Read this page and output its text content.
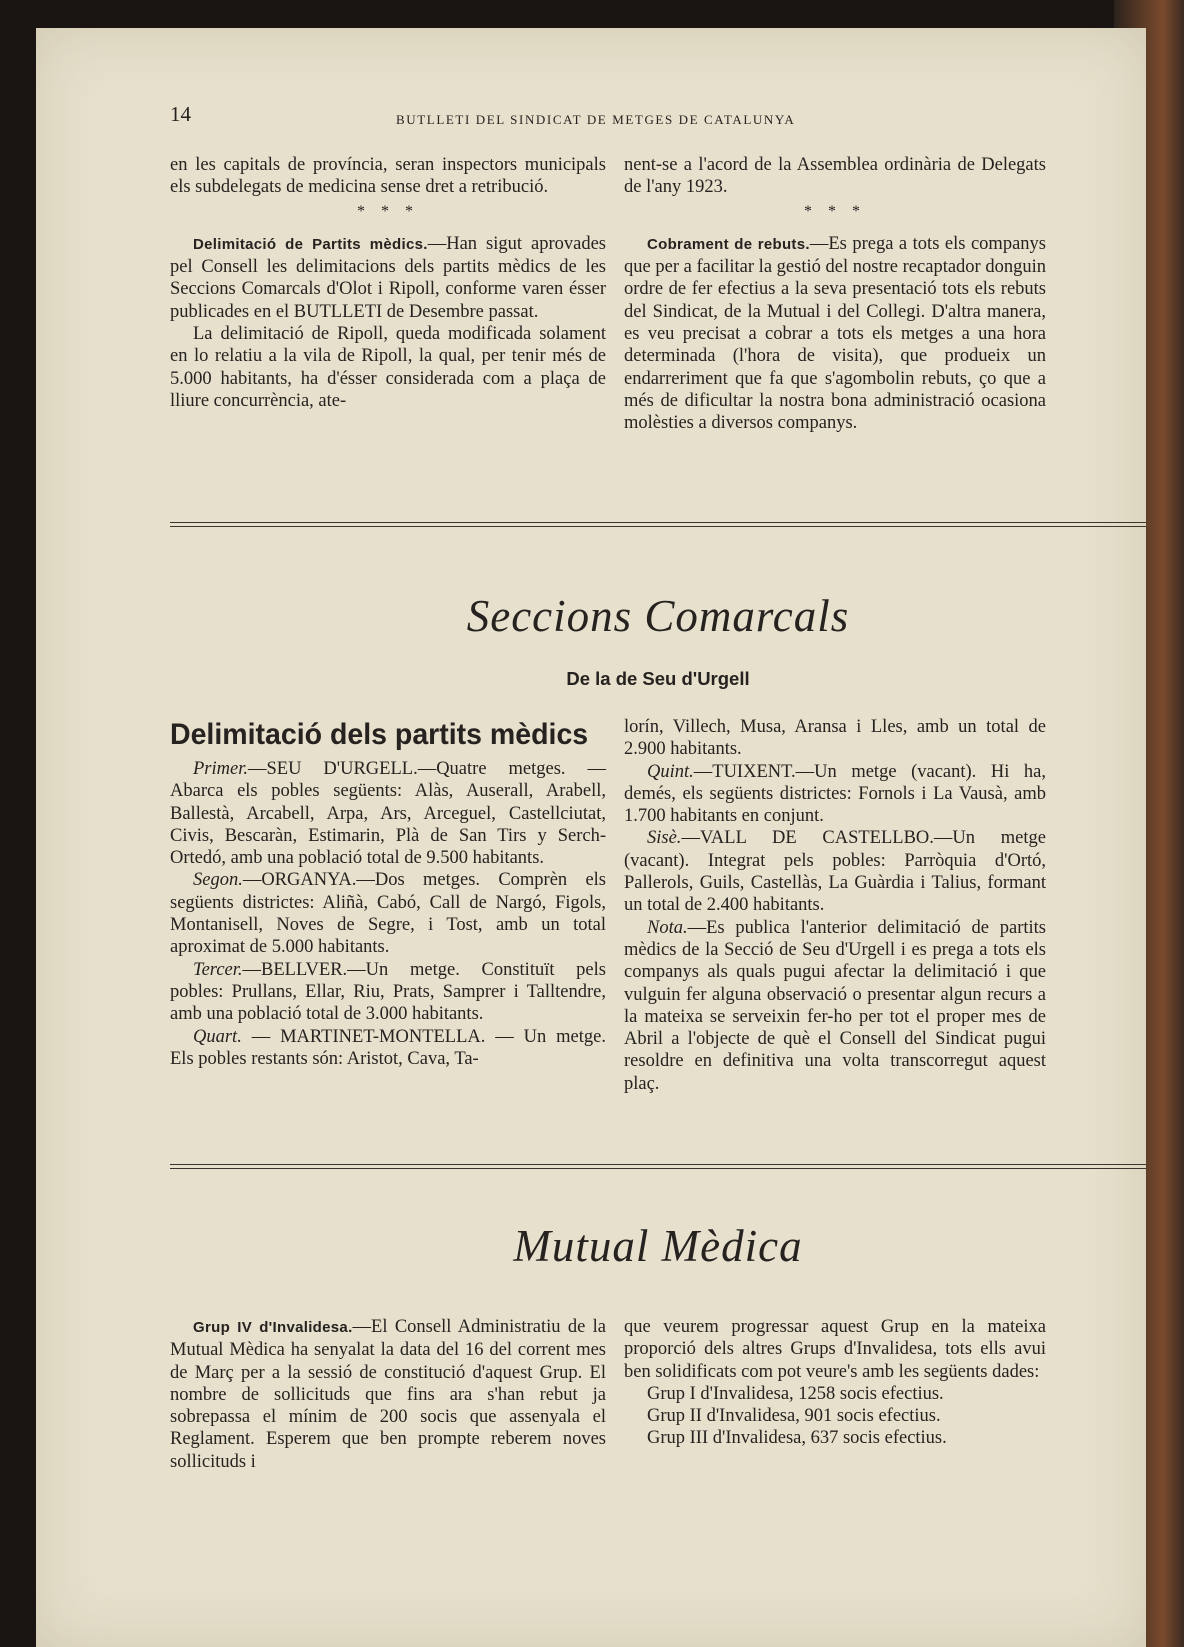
14	BUTLLETI DEL SINDICAT DE METGES DE CATALUNYA

en les capitals de província, seran inspectors municipals els subdelegats de medicina sense dret a retribució.

* * *

Delimitació de Partits mèdics.—Han sigut aprovades pel Consell les delimitacions dels partits mèdics de les Seccions Comarcals d'Olot i Ripoll, conforme varen ésser publicades en el BUTLLETI de Desembre passat.

La delimitació de Ripoll, queda modificada solament en lo relatiu a la vila de Ripoll, la qual, per tenir més de 5.000 habitants, ha d'ésser considerada com a plaça de lliure concurrència, ate-

nent-se a l'acord de la Assemblea ordinària de Delegats de l'any 1923.

* * *

Cobrament de rebuts.—Es prega a tots els companys que per a facilitar la gestió del nostre recaptador donguin ordre de fer efectius a la seva presentació tots els rebuts del Sindicat, de la Mutual i del Collegi. D'altra manera, es veu precisat a cobrar a tots els metges a una hora determinada (l'hora de visita), que produeix un endarreriment que fa que s'agombolin rebuts, ço que a més de dificultar la nostra bona administració ocasiona molèsties a diversos companys.

Seccions Comarcals
De la de Seu d'Urgell
Delimitació dels partits mèdics

Primer.—SEU D'URGELL.—Quatre metges. —Abarca els pobles següents: Alàs, Auserall, Arabell, Ballestà, Arcabell, Arpa, Ars, Arceguel, Castellciutat, Civis, Bescaràn, Estimarin, Plà de San Tirs y Serch-Ortedó, amb una població total de 9.500 habitants.

Segon.—ORGANYA.—Dos metges. Comprèn els següents districtes: Aliñà, Cabó, Call de Nargó, Figols, Montanisell, Noves de Segre, i Tost, amb un total aproximat de 5.000 habitants.

Tercer.—BELLVER.—Un metge. Constituït pels pobles: Prullans, Ellar, Riu, Prats, Samprer i Talltendre, amb una població total de 3.000 habitants.

Quart. — MARTINET-MONTELLA. — Un metge. Els pobles restants són: Aristot, Cava, Ta-

lorín, Villech, Musa, Aransa i Lles, amb un total de 2.900 habitants.

Quint.—TUIXENT.—Un metge (vacant). Hi ha, demés, els següents districtes: Fornols i La Vausà, amb 1.700 habitants en conjunt.

Sisè.—VALL DE CASTELLBO.—Un metge (vacant). Integrat pels pobles: Parròquia d'Ortó, Pallerols, Guils, Castellàs, La Guàrdia i Talius, formant un total de 2.400 habitants.

Nota.—Es publica l'anterior delimitació de partits mèdics de la Secció de Seu d'Urgell i es prega a tots els companys als quals pugui afectar la delimitació i que vulguin fer alguna observació o presentar algun recurs a la mateixa se serveixin fer-ho per tot el proper mes de Abril a l'objecte de què el Consell del Sindicat pugui resoldre en definitiva una volta transcorregut aquest plaç.

Mutual Mèdica

Grup IV d'Invalidesa.—El Consell Administratiu de la Mutual Mèdica ha senyalat la data del 16 del corrent mes de Març per a la sessió de constitució d'aquest Grup. El nombre de sollicituds que fins ara s'han rebut ja sobrepassa el mínim de 200 socis que assenyala el Reglament. Esperem que ben prompte reberem noves sollicituds i

que veurem progressar aquest Grup en la mateixa proporció dels altres Grups d'Invalidesa, tots ells avui ben solidificats com pot veure's amb les següents dades:

Grup I d'Invalidesa, 1258 socis efectius.

Grup II d'Invalidesa, 901 socis efectius.

Grup III d'Invalidesa, 637 socis efectius.
